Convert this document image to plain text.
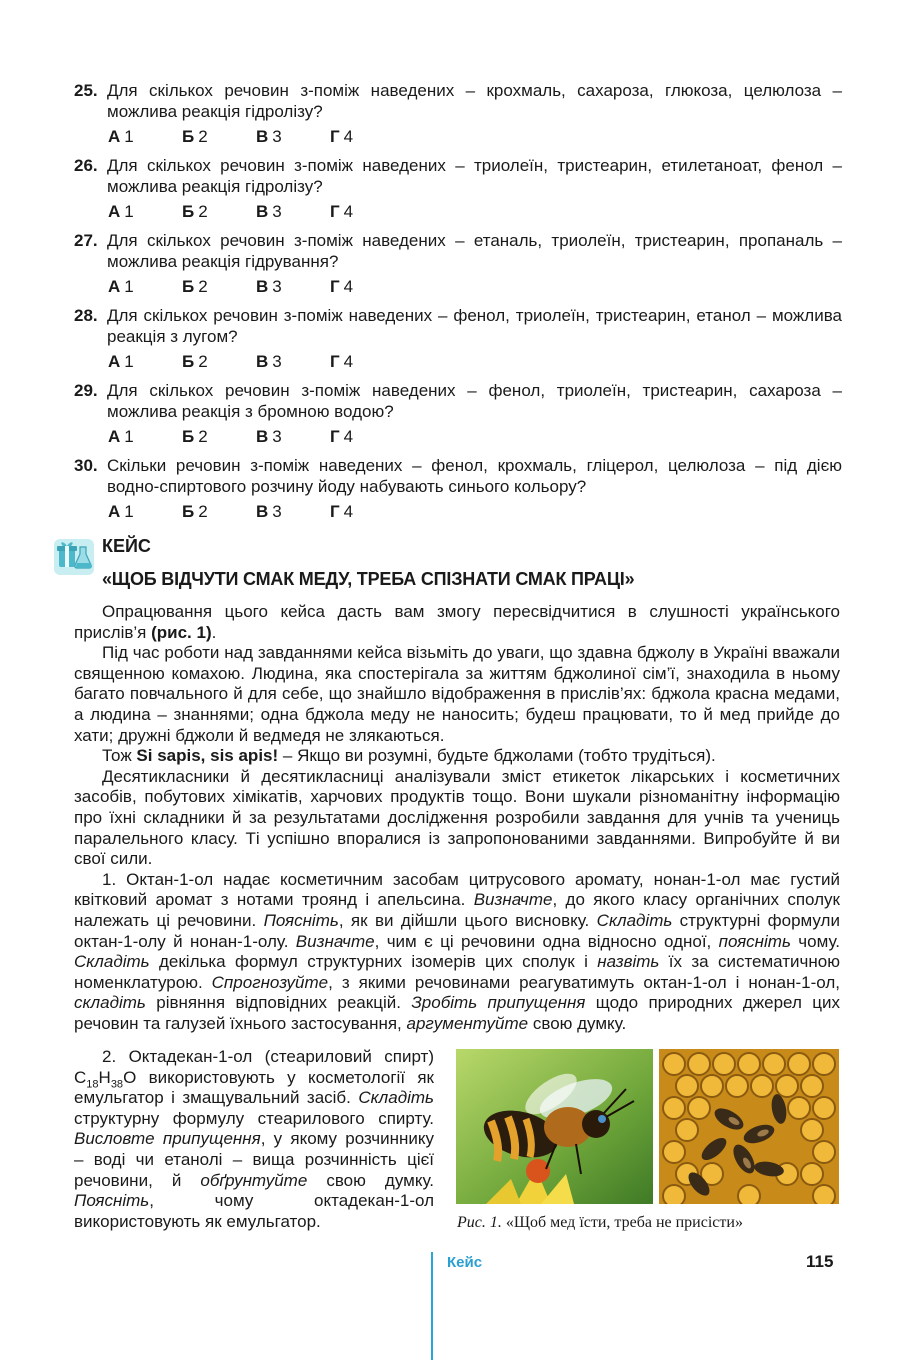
25. Для скількох речовин з-поміж наведених – крохмаль, сахароза, глюкоза, целюлоза – можлива реакція гідролізу?
А 1	Б 2	В 3	Г 4
26. Для скількох речовин з-поміж наведених – триолеїн, тристеарин, етилетаноат, фенол – можлива реакція гідролізу?
А 1	Б 2	В 3	Г 4
27. Для скількох речовин з-поміж наведених – етаналь, триолеїн, тристеарин, пропаналь – можлива реакція гідрування?
А 1	Б 2	В 3	Г 4
28. Для скількох речовин з-поміж наведених – фенол, триолеїн, тристеарин, етанол – можлива реакція з лугом?
А 1	Б 2	В 3	Г 4
29. Для скількох речовин з-поміж наведених – фенол, триолеїн, тристеарин, сахароза – можлива реакція з бромною водою?
А 1	Б 2	В 3	Г 4
30. Скільки речовин з-поміж наведених – фенол, крохмаль, гліцерол, целюлоза – під дією водно-спиртового розчину йоду набувають синього кольору?
А 1	Б 2	В 3	Г 4
КЕЙС
«ЩОБ ВІДЧУТИ СМАК МЕДУ, ТРЕБА СПІЗНАТИ СМАК ПРАЦІ»

Опрацювання цього кейса дасть вам змогу пересвідчитися в слушності українського прислів’я (рис. 1).

Під час роботи над завданнями кейса візьміть до уваги, що здавна бджолу в Україні вважали священною комахою. Людина, яка спостерігала за життям бджолиної сім’ї, знаходила в ньому багато повчального й для себе, що знайшло відображення в прислів’ях: бджола красна медами, а людина – знаннями; одна бджола меду не наносить; будеш працювати, то й мед прийде до хати; дружні бджоли й ведмедя не злякаються.

Тож Si sapis, sis apis! – Якщо ви розумні, будьте бджолами (тобто трудіться).

Десятикласники й десятикласниці аналізували зміст етикеток лікарських і косметичних засобів, побутових хімікатів, харчових продуктів тощо. Вони шукали різноманітну інформацію про їхні складники й за результатами дослідження розробили завдання для учнів та учениць паралельного класу. Ті успішно впоралися із запропонованими завданнями. Випробуйте й ви свої сили.

1. Октан-1-ол надає косметичним засобам цитрусового аромату, нонан-1-ол має густий квітковий аромат з нотами троянд і апельсина. Визначте, до якого класу органічних сполук належать ці речовини. Поясніть, як ви дійшли цього висновку. Складіть структурні формули октан-1-олу й нонан-1-олу. Визначте, чим є ці речовини одна відносно одної, поясніть чому. Складіть декілька формул структурних ізомерів цих сполук і назвіть їх за систематичною номенклатурою. Спрогнозуйте, з якими речовинами реагуватимуть октан-1-ол і нонан-1-ол, складіть рівняння відповідних реакцій. Зробіть припущення щодо природних джерел цих речовин та галузей їхнього застосування, аргументуйте свою думку.

2. Октадекан-1-ол (стеариловий спирт) $C_{18}H_{38}O$ використовують у косметології як емульгатор і змащувальний засіб. Складіть структурну формулу стеарилового спирту. Висловте припущення, у якому розчиннику – воді чи етанолі – вища розчинність цієї речовини, й обґрунтуйте свою думку. Поясніть, чому октадекан-1-ол використовують як емульгатор.	Рис. 1. «Щоб мед їсти, треба не присісти»
Кейс	115
